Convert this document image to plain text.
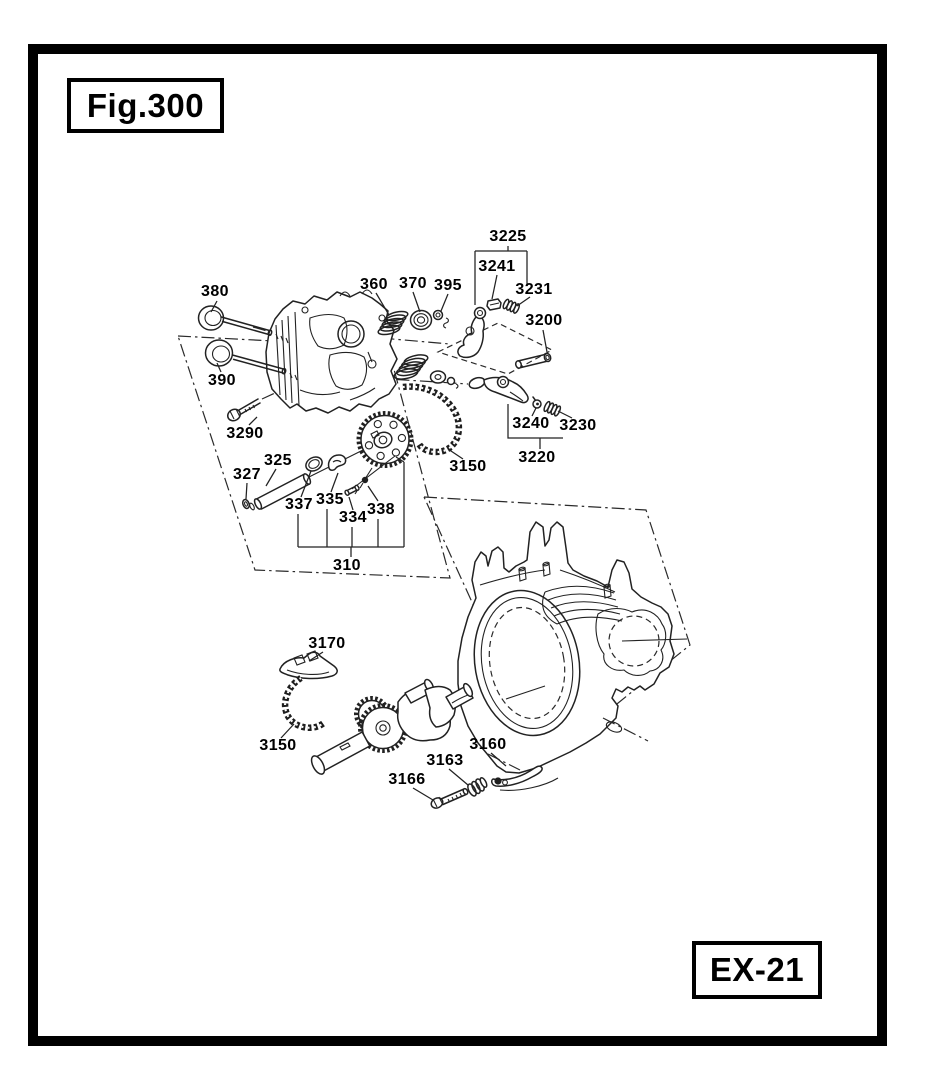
380
390
3290
360 370 395
3225
3241
3231
3200
3240 3230
3220
3150
325
327
337 335
334 338
310
3170
3150
3166
3163
3160
Fig.300
EX-21
